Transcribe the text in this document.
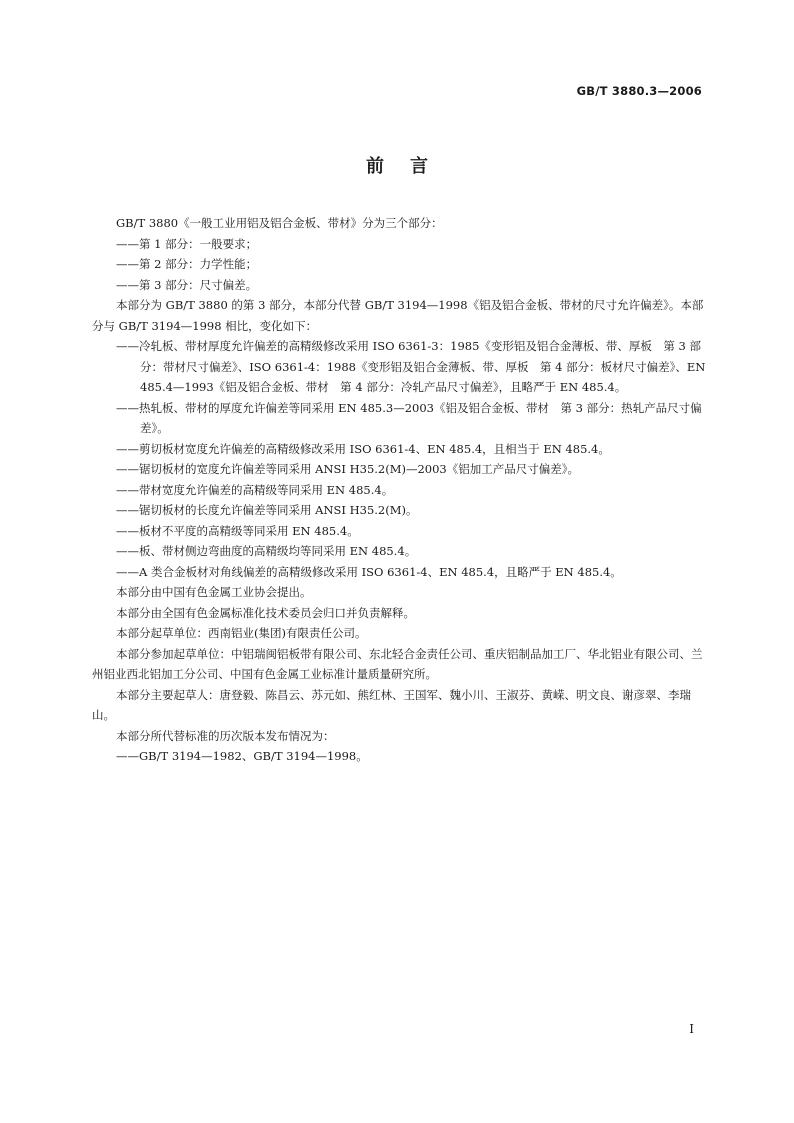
GB/T 3880.3—2006
前言

GB/T 3880《一般工业用铝及铝合金板、带材》分为三个部分：

——第 1 部分：一般要求；

——第 2 部分：力学性能；

——第 3 部分：尺寸偏差。

本部分为 GB/T 3880 的第 3 部分，本部分代替 GB/T 3194—1998《铝及铝合金板、带材的尺寸允许偏差》。本部分与 GB/T 3194—1998 相比，变化如下：

——冷轧板、带材厚度允许偏差的高精级修改采用 ISO 6361-3：1985《变形铝及铝合金薄板、带、厚板　第 3 部分：带材尺寸偏差》、ISO 6361-4：1988《变形铝及铝合金薄板、带、厚板　第 4 部分：板材尺寸偏差》、EN 485.4—1993《铝及铝合金板、带材　第 4 部分：冷轧产品尺寸偏差》，且略严于 EN 485.4。

——热轧板、带材的厚度允许偏差等同采用 EN 485.3—2003《铝及铝合金板、带材　第 3 部分：热轧产品尺寸偏差》。

——剪切板材宽度允许偏差的高精级修改采用 ISO 6361-4、EN 485.4，且相当于 EN 485.4。

——锯切板材的宽度允许偏差等同采用 ANSI H35.2(M)—2003《铝加工产品尺寸偏差》。

——带材宽度允许偏差的高精级等同采用 EN 485.4。

——锯切板材的长度允许偏差等同采用 ANSI H35.2(M)。

——板材不平度的高精级等同采用 EN 485.4。

——板、带材侧边弯曲度的高精级均等同采用 EN 485.4。

——A 类合金板材对角线偏差的高精级修改采用 ISO 6361-4、EN 485.4，且略严于 EN 485.4。

本部分由中国有色金属工业协会提出。

本部分由全国有色金属标准化技术委员会归口并负责解释。

本部分起草单位：西南铝业(集团)有限责任公司。

本部分参加起草单位：中铝瑞闽铝板带有限公司、东北轻合金责任公司、重庆铝制品加工厂、华北铝业有限公司、兰州铝业西北铝加工分公司、中国有色金属工业标准计量质量研究所。

本部分主要起草人：唐登毅、陈昌云、苏元如、熊红林、王国军、魏小川、王淑芬、黄嵘、明文良、谢彦翠、李瑞山。

本部分所代替标准的历次版本发布情况为：

——GB/T 3194—1982、GB/T 3194—1998。

I
